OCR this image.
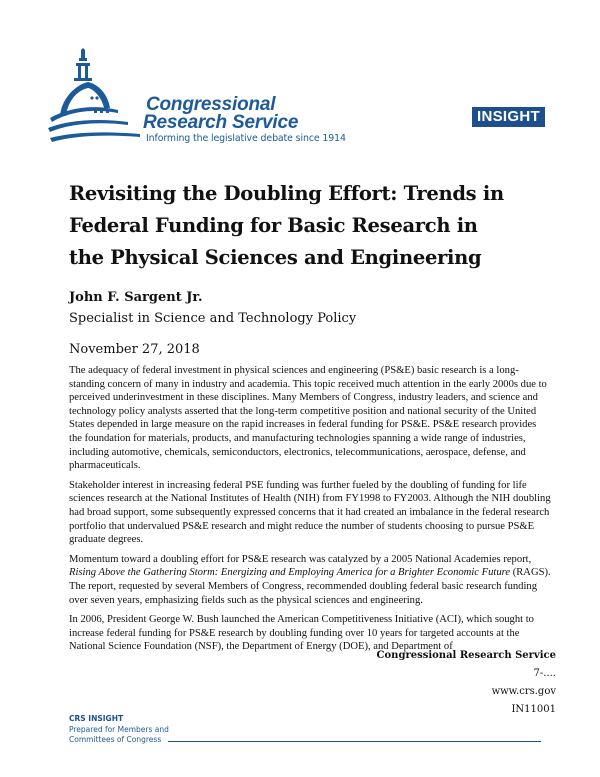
Congressional
Research Service
Informing the legislative debate since 1914
INSIGHT
Revisiting the Doubling Effort: Trends in Federal Funding for Basic Research in the Physical Sciences and Engineering
John F. Sargent Jr.
Specialist in Science and Technology Policy
November 27, 2018

The adequacy of federal investment in physical sciences and engineering (PS&E) basic research is a long-standing concern of many in industry and academia. This topic received much attention in the early 2000s due to perceived underinvestment in these disciplines. Many Members of Congress, industry leaders, and science and technology policy analysts asserted that the long-term competitive position and national security of the United States depended in large measure on the rapid increases in federal funding for PS&E. PS&E research provides the foundation for materials, products, and manufacturing technologies spanning a wide range of industries, including automotive, chemicals, semiconductors, electronics, telecommunications, aerospace, defense, and pharmaceuticals.

Stakeholder interest in increasing federal PSE funding was further fueled by the doubling of funding for life sciences research at the National Institutes of Health (NIH) from FY1998 to FY2003. Although the NIH doubling had broad support, some subsequently expressed concerns that it had created an imbalance in the federal research portfolio that undervalued PS&E research and might reduce the number of students choosing to pursue PS&E graduate degrees.

Momentum toward a doubling effort for PS&E research was catalyzed by a 2005 National Academies report, Rising Above the Gathering Storm: Energizing and Employing America for a Brighter Economic Future (RAGS). The report, requested by several Members of Congress, recommended doubling federal basic research funding over seven years, emphasizing fields such as the physical sciences and engineering.

In 2006, President George W. Bush launched the American Competitiveness Initiative (ACI), which sought to increase federal funding for PS&E research by doubling funding over 10 years for targeted accounts at the National Science Foundation (NSF), the Department of Energy (DOE), and Department of

Congressional Research Service
7-....
www.crs.gov
IN11001
CRS INSIGHT
Prepared for Members and
Committees of Congress
